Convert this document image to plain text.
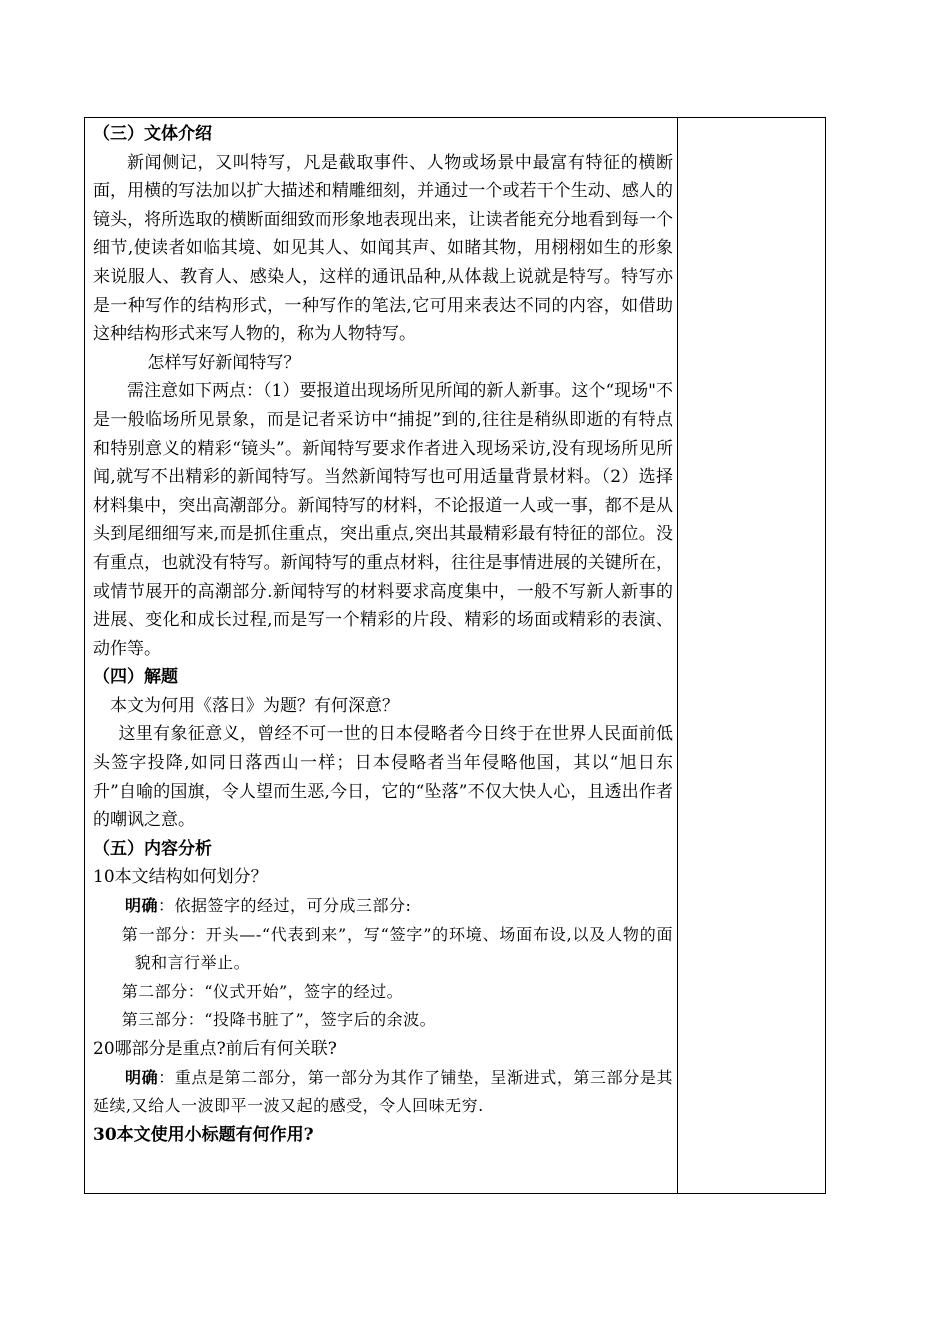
（三）文体介绍

新闻侧记，又叫特写，凡是截取事件、人物或场景中最富有特征的横断面，用横的写法加以扩大描述和精雕细刻，并通过一个或若干个生动、感人的镜头，将所选取的横断面细致而形象地表现出来，让读者能充分地看到每一个细节,使读者如临其境、如见其人、如闻其声、如睹其物，用栩栩如生的形象来说服人、教育人、感染人，这样的通讯品种,从体裁上说就是特写。特写亦是一种写作的结构形式，一种写作的笔法,它可用来表达不同的内容，如借助这种结构形式来写人物的，称为人物特写。

怎样写好新闻特写？

需注意如下两点：（1）要报道出现场所见所闻的新人新事。这个“现场"不是一般临场所见景象，而是记者采访中“捕捉”到的,往往是稍纵即逝的有特点和特别意义的精彩“镜头”。新闻特写要求作者进入现场采访,没有现场所见所闻,就写不出精彩的新闻特写。当然新闻特写也可用适量背景材料。（2）选择材料集中，突出高潮部分。新闻特写的材料，不论报道一人或一事，都不是从头到尾细细写来,而是抓住重点，突出重点,突出其最精彩最有特征的部位。没有重点，也就没有特写。新闻特写的重点材料，往往是事情进展的关键所在，或情节展开的高潮部分.新闻特写的材料要求高度集中，一般不写新人新事的进展、变化和成长过程,而是写一个精彩的片段、精彩的场面或精彩的表演、动作等。

（四）解题

本文为何用《落日》为题？有何深意？

这里有象征意义，曾经不可一世的日本侵略者今日终于在世界人民面前低头签字投降,如同日落西山一样；日本侵略者当年侵略他国，其以“旭日东升”自喻的国旗，令人望而生恶,今日，它的“坠落”不仅大快人心，且透出作者的嘲讽之意。

（五）内容分析

10本文结构如何划分？

明确：依据签字的经过，可分成三部分:

第一部分：开头—-“代表到来”，写“签字”的环境、场面布设,以及人物的面貌和言行举止。

第二部分：“仪式开始”，签字的经过。

第三部分：“投降书脏了”，签字后的余波。

20哪部分是重点?前后有何关联?

明确：重点是第二部分，第一部分为其作了铺垫，呈渐进式，第三部分是其延续,又给人一波即平一波又起的感受，令人回味无穷.

30本文使用小标题有何作用?
